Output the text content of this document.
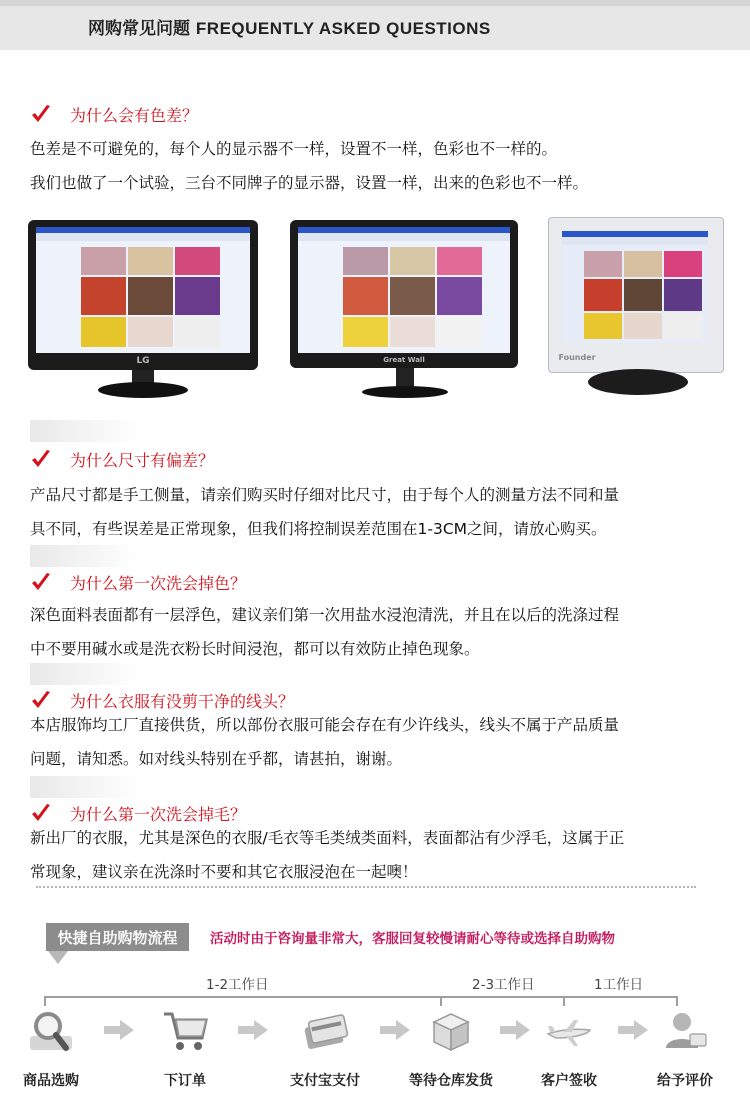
网购常见问题 FREQUENTLY ASKED QUESTIONS
为什么会有色差？
色差是不可避免的，每个人的显示器不一样，设置不一样，色彩也不一样的。
我们也做了一个试验，三台不同牌子的显示器，设置一样，出来的色彩也不一样。
LG	Great Wall	Founder
为什么尺寸有偏差？
产品尺寸都是手工侧量，请亲们购买时仔细对比尺寸，由于每个人的测量方法不同和量
具不同，有些误差是正常现象，但我们将控制误差范围在1-3CM之间，请放心购买。
为什么第一次洗会掉色？
深色面料表面都有一层浮色，建议亲们第一次用盐水浸泡清洗，并且在以后的洗涤过程
中不要用碱水或是洗衣粉长时间浸泡，都可以有效防止掉色现象。
为什么衣服有没剪干净的线头？
本店服饰均工厂直接供货，所以部份衣服可能会存在有少许线头，线头不属于产品质量
问题，请知悉。如对线头特别在乎都，请甚拍，谢谢。
为什么第一次洗会掉毛？
新出厂的衣服，尤其是深色的衣服/毛衣等毛类绒类面料，表面都沾有少浮毛，这属于正
常现象，建议亲在洗涤时不要和其它衣服浸泡在一起噢！
快捷自助购物流程	活动时由于咨询量非常大，客服回复较慢请耐心等待或选择自助购物
1-2工作日	2-3工作日	1工作日
商品选购	下订单	支付宝支付	等待仓库发货	客户签收	给予评价
